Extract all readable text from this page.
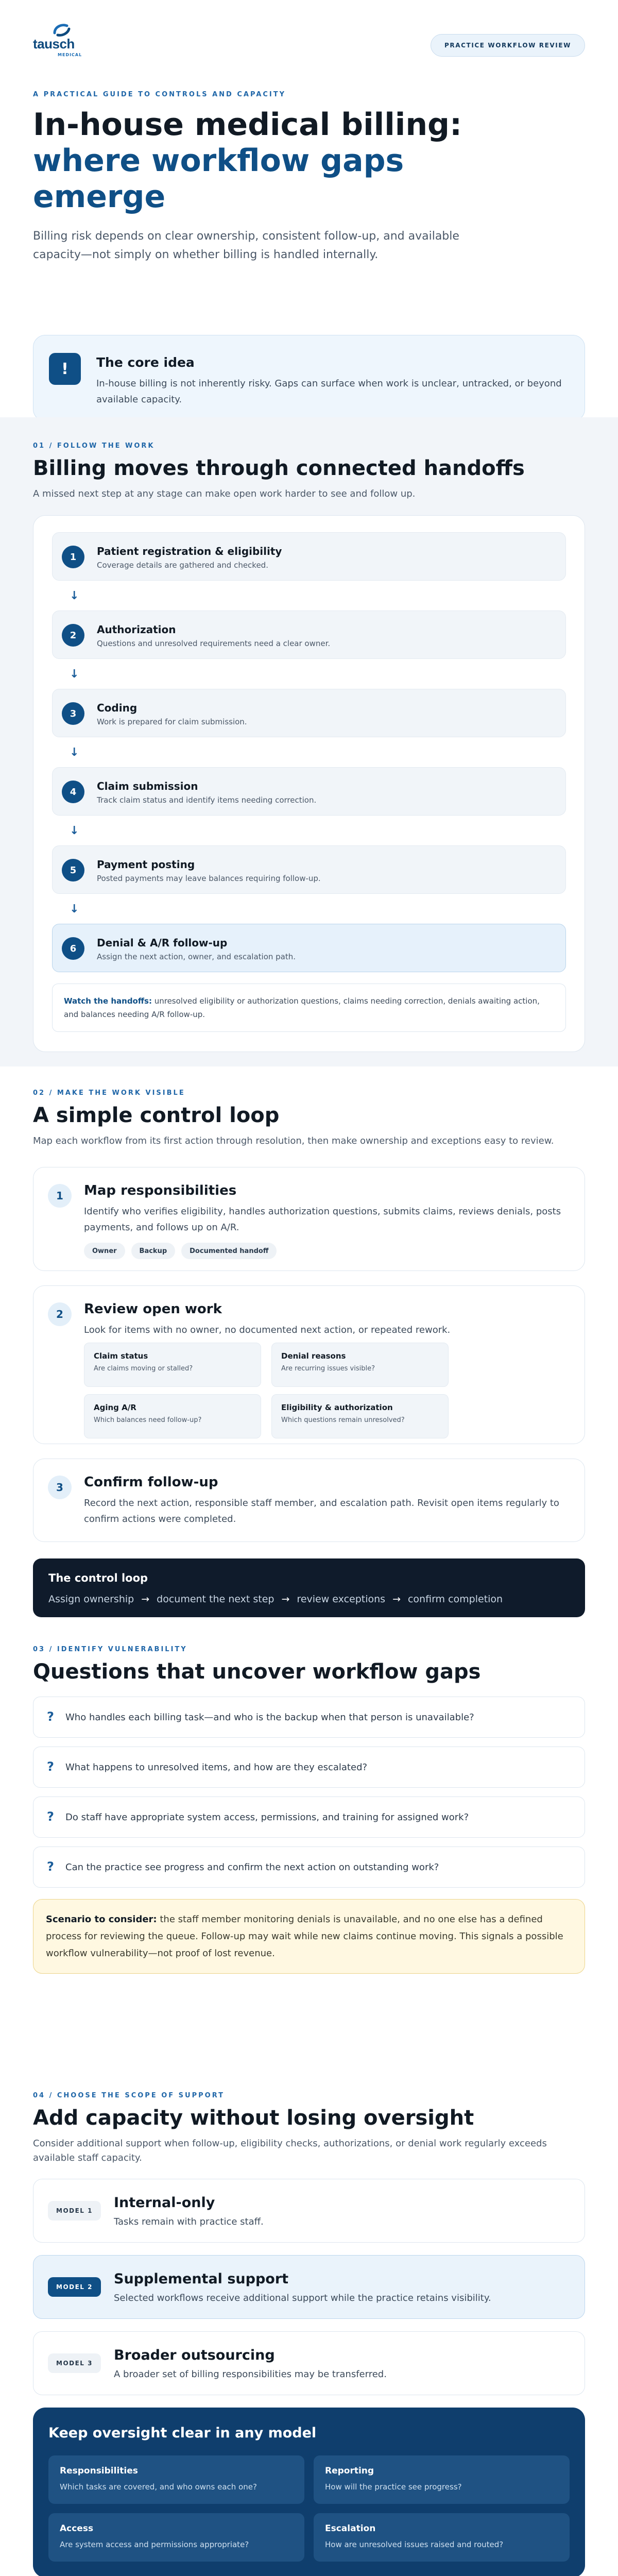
tausch
MEDICAL
PRACTICE WORKFLOW REVIEW
A PRACTICAL GUIDE TO CONTROLS AND CAPACITY
In-house medical billing:
where workflow gaps
emerge

Billing risk depends on clear ownership, consistent follow-up, and available capacity—not simply on whether billing is handled internally.

!	The core idea
In-house billing is not inherently risky. Gaps can surface when work is unclear, untracked, or beyond available capacity.
01 / FOLLOW THE WORK
Billing moves through connected handoffs
A missed next step at any stage can make open work harder to see and follow up.
1	Patient registration & eligibility
Coverage details are gathered and checked.
↓
2	Authorization
Questions and unresolved requirements need a clear owner.
↓
3	Coding
Work is prepared for claim submission.
↓
4	Claim submission
Track claim status and identify items needing correction.
↓
5	Payment posting
Posted payments may leave balances requiring follow-up.
↓
6	Denial & A/R follow-up
Assign the next action, owner, and escalation path.
Watch the handoffs: unresolved eligibility or authorization questions, claims needing correction, denials awaiting action, and balances needing A/R follow-up.
02 / MAKE THE WORK VISIBLE
A simple control loop
Map each workflow from its first action through resolution, then make ownership and exceptions easy to review.
1	Map responsibilities
Identify who verifies eligibility, handles authorization questions, submits claims, reviews denials, posts payments, and follows up on A/R.
Owner	Backup	Documented handoff
2	Review open work
Look for items with no owner, no documented next action, or repeated rework.
Claim status
Are claims moving or stalled?
Denial reasons
Are recurring issues visible?
Aging A/R
Which balances need follow-up?
Eligibility & authorization
Which questions remain unresolved?
3	Confirm follow-up
Record the next action, responsible staff member, and escalation path. Revisit open items regularly to confirm actions were completed.
The control loop
Assign ownership → document the next step → review exceptions → confirm completion
03 / IDENTIFY VULNERABILITY
Questions that uncover workflow gaps
? Who handles each billing task—and who is the backup when that person is unavailable?
? What happens to unresolved items, and how are they escalated?
? Do staff have appropriate system access, permissions, and training for assigned work?
? Can the practice see progress and confirm the next action on outstanding work?
Scenario to consider: the staff member monitoring denials is unavailable, and no one else has a defined process for reviewing the queue. Follow-up may wait while new claims continue moving. This signals a possible workflow vulnerability—not proof of lost revenue.
04 / CHOOSE THE SCOPE OF SUPPORT
Add capacity without losing oversight
Consider additional support when follow-up, eligibility checks, authorizations, or denial work regularly exceeds available staff capacity.
MODEL 1	Internal-only
Tasks remain with practice staff.
MODEL 2	Supplemental support
Selected workflows receive additional support while the practice retains visibility.
MODEL 3	Broader outsourcing
A broader set of billing responsibilities may be transferred.
Keep oversight clear in any model
Responsibilities
Which tasks are covered, and who owns each one?
Reporting
How will the practice see progress?
Access
Are system access and permissions appropriate?
Escalation
How are unresolved issues raised and routed?
